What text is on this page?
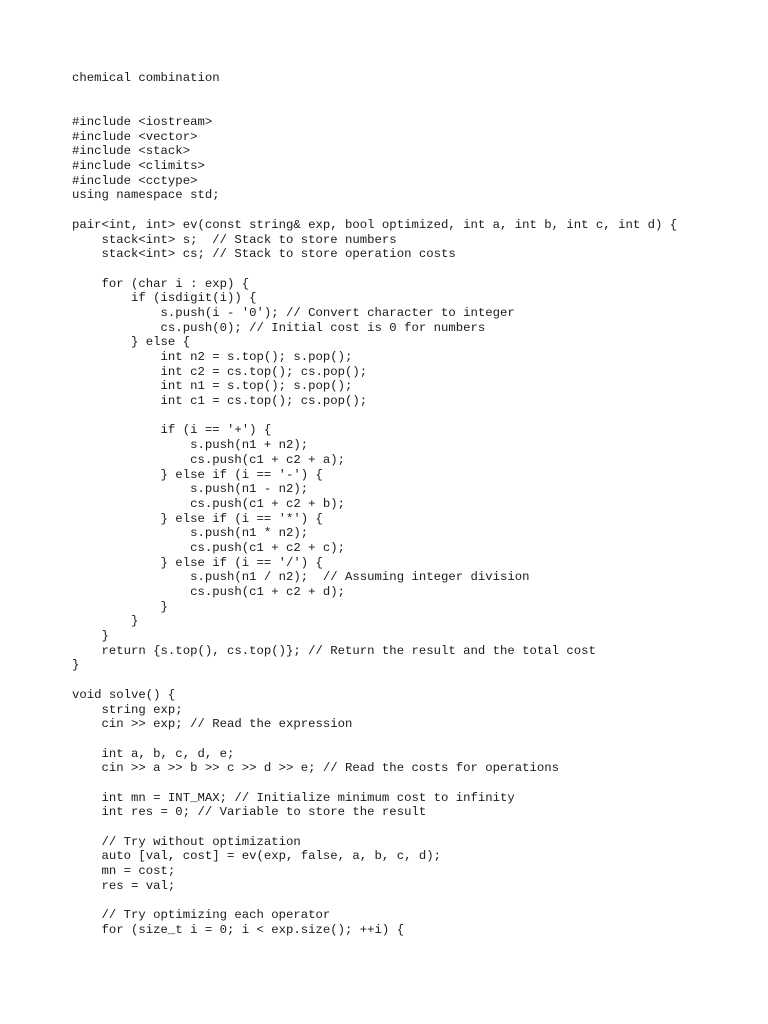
chemical combination
#include <iostream>
#include <vector>
#include <stack>
#include <climits>
#include <cctype>
using namespace std;
pair<int, int> ev(const string& exp, bool optimized, int a, int b, int c, int d) {
stack<int> s;  // Stack to store numbers
stack<int> cs; // Stack to store operation costs
for (char i : exp) {
if (isdigit(i)) {
s.push(i - '0'); // Convert character to integer
cs.push(0); // Initial cost is 0 for numbers
} else {
int n2 = s.top(); s.pop();
int c2 = cs.top(); cs.pop();
int n1 = s.top(); s.pop();
int c1 = cs.top(); cs.pop();
if (i == '+') {
s.push(n1 + n2);
cs.push(c1 + c2 + a);
} else if (i == '-') {
s.push(n1 - n2);
cs.push(c1 + c2 + b);
} else if (i == '*') {
s.push(n1 * n2);
cs.push(c1 + c2 + c);
} else if (i == '/') {
s.push(n1 / n2);  // Assuming integer division
cs.push(c1 + c2 + d);
}
}
}
return {s.top(), cs.top()}; // Return the result and the total cost
}
void solve() {
string exp;
cin >> exp; // Read the expression
int a, b, c, d, e;
cin >> a >> b >> c >> d >> e; // Read the costs for operations
int mn = INT_MAX; // Initialize minimum cost to infinity
int res = 0; // Variable to store the result
// Try without optimization
auto [val, cost] = ev(exp, false, a, b, c, d);
mn = cost;
res = val;
// Try optimizing each operator
for (size_t i = 0; i < exp.size(); ++i) {
